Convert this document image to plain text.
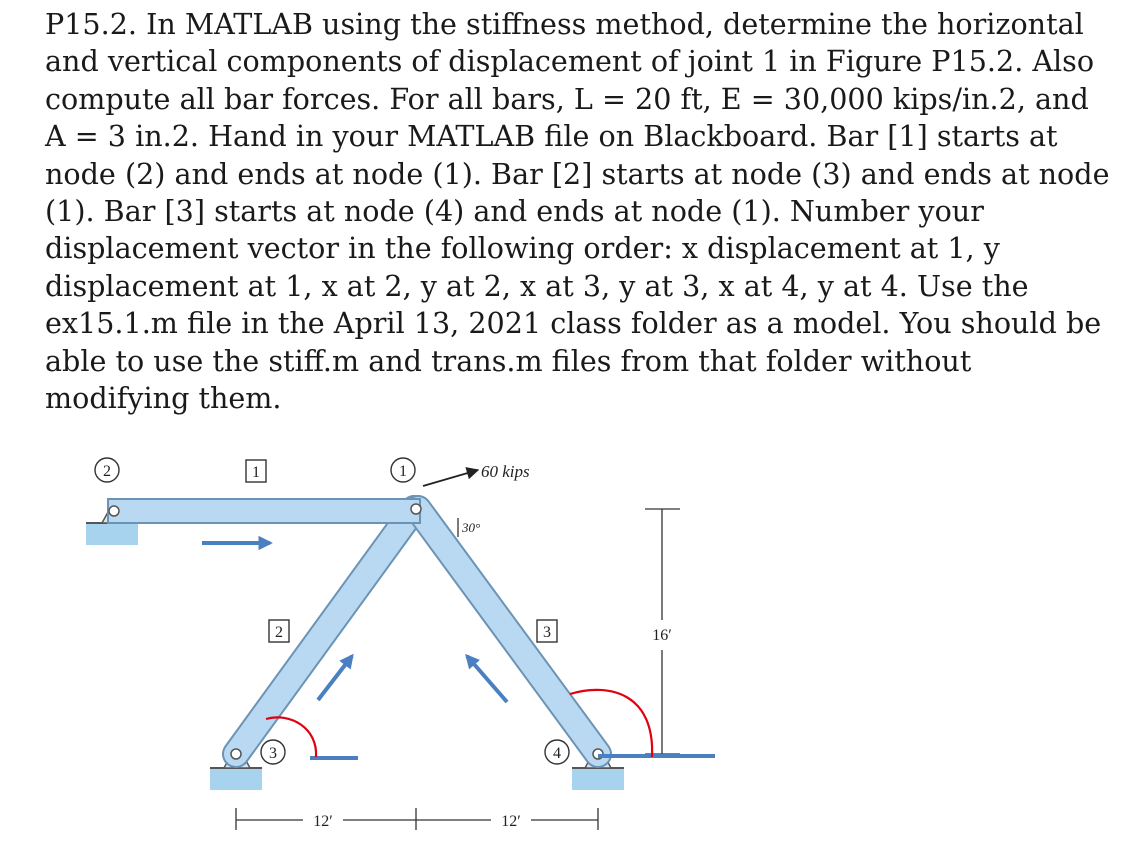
P15.2. In MATLAB using the stiffness method, determine the horizontal and vertical components of displacement of joint 1 in Figure P15.2. Also compute all bar forces. For all bars, L = 20 ft, E = 30,000 kips/in.2, and A = 3 in.2. Hand in your MATLAB file on Blackboard. Bar [1] starts at node (2) and ends at node (1). Bar [2] starts at node (3) and ends at node (1). Bar [3] starts at node (4) and ends at node (1). Number your displacement vector in the following order: x displacement at 1, y displacement at 1, x at 2, y at 2, x at 3, y at 3, x at 4, y at 4. Use the ex15.1.m file in the April 13, 2021 class folder as a model. You should be able to use the stiff.m and trans.m files from that folder without modifying them.

2	1
3	4
1
2	3
60 kips
30°
16′
12′	12′
